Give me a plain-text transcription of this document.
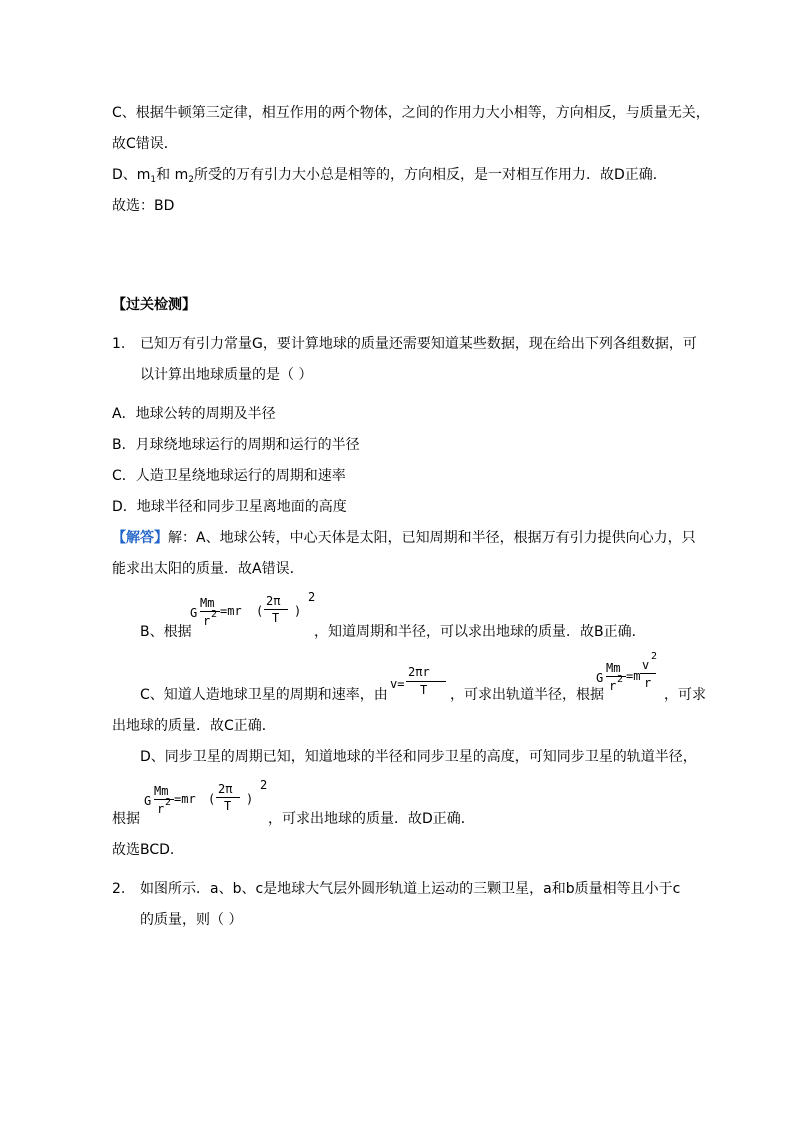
C、根据牛顿第三定律，相互作用的两个物体，之间的作用力大小相等，方向相反，与质量无关，
故C错误．
D、$m_1$和 $m_2$所受的万有引力大小总是相等的，方向相反，是一对相互作用力．故D正确．
故选：BD
【过关检测】
1. 已知万有引力常量G，要计算地球的质量还需要知道某些数据，现在给出下列各组数据，可
以计算出地球质量的是（ ）
A．地球公转的周期及半径
B．月球绕地球运行的周期和运行的半径
C．人造卫星绕地球运行的周期和速率
D．地球半径和同步卫星离地面的高度
【解答】解：A、地球公转，中心天体是太阳，已知周期和半径，根据万有引力提供向心力，只
能求出太阳的质量．故A错误．
B、根据
G
Mm
r 2 =mr (
2π
T )
2
，知道周期和半径，可以求出地球的质量．故B正确．
C、知道人造地球卫星的周期和速率，由
v=
2πr
T ，可求出轨道半径，根据
G
Mm
r 2 =m
v
2
r
，可求
出地球的质量．故C正确．
D、同步卫星的周期已知，知道地球的半径和同步卫星的高度，可知同步卫星的轨道半径，
G
Mm
r 2 =mr (
2π
T )
2
根据	，可求出地球的质量．故D正确．
故选BCD.
2. 如图所示．a、b、c是地球大气层外圆形轨道上运动的三颗卫星，a和b质量相等且小于c
的质量，则（ ）
